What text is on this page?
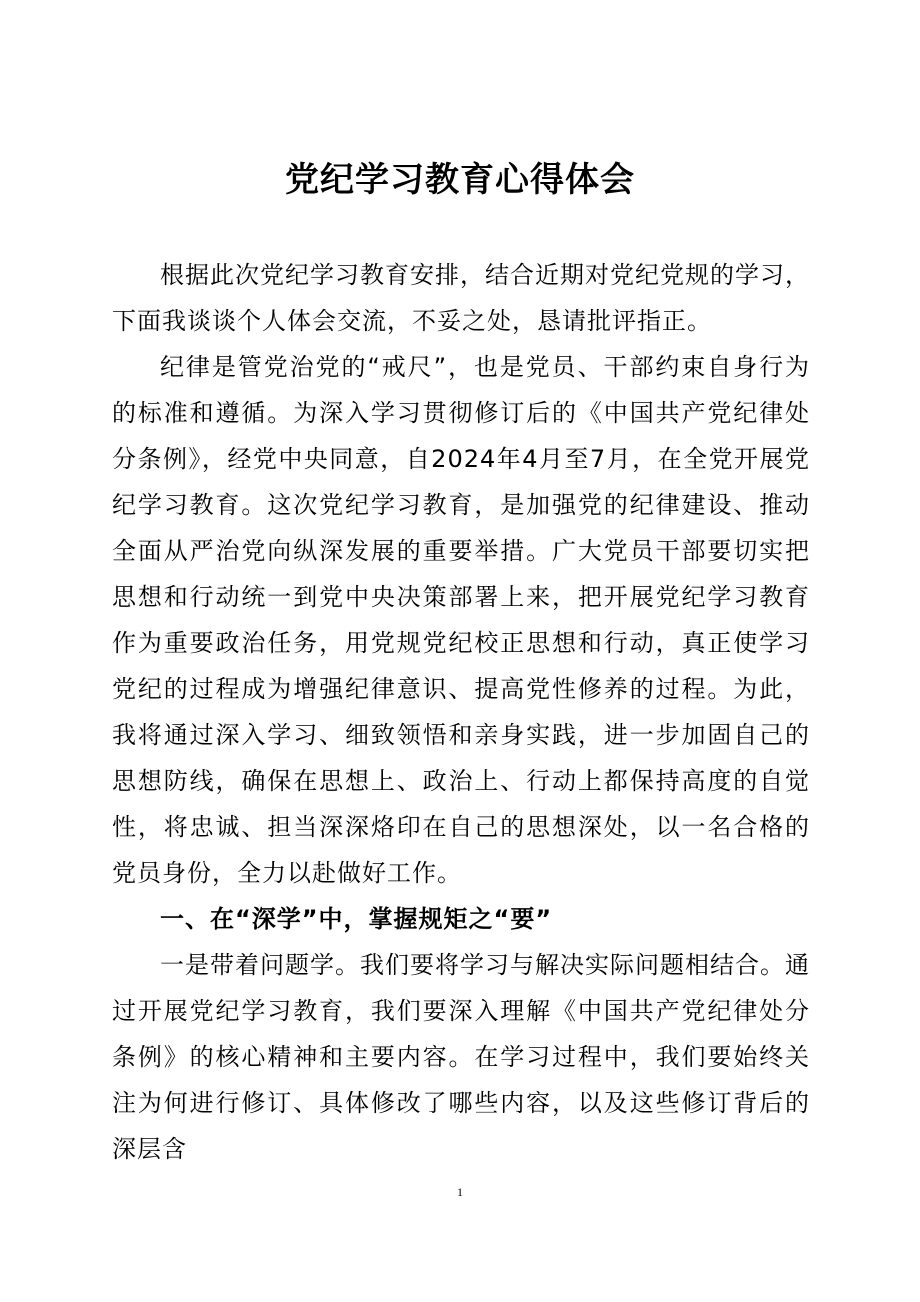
党纪学习教育心得体会

根据此次党纪学习教育安排，结合近期对党纪党规的学习，下面我谈谈个人体会交流，不妥之处，恳请批评指正。

纪律是管党治党的“戒尺”，也是党员、干部约束自身行为的标准和遵循。为深入学习贯彻修订后的《中国共产党纪律处分条例》，经党中央同意，自2024年4月至7月，在全党开展党纪学习教育。这次党纪学习教育，是加强党的纪律建设、推动全面从严治党向纵深发展的重要举措。广大党员干部要切实把思想和行动统一到党中央决策部署上来，把开展党纪学习教育作为重要政治任务，用党规党纪校正思想和行动，真正使学习党纪的过程成为增强纪律意识、提高党性修养的过程。为此，我将通过深入学习、细致领悟和亲身实践，进一步加固自己的思想防线，确保在思想上、政治上、行动上都保持高度的自觉性，将忠诚、担当深深烙印在自己的思想深处，以一名合格的党员身份，全力以赴做好工作。

一、在“深学”中，掌握规矩之“要”

一是带着问题学。我们要将学习与解决实际问题相结合。通过开展党纪学习教育，我们要深入理解《中国共产党纪律处分条例》的核心精神和主要内容。在学习过程中，我们要始终关注为何进行修订、具体修改了哪些内容，以及这些修订背后的深层含

1
